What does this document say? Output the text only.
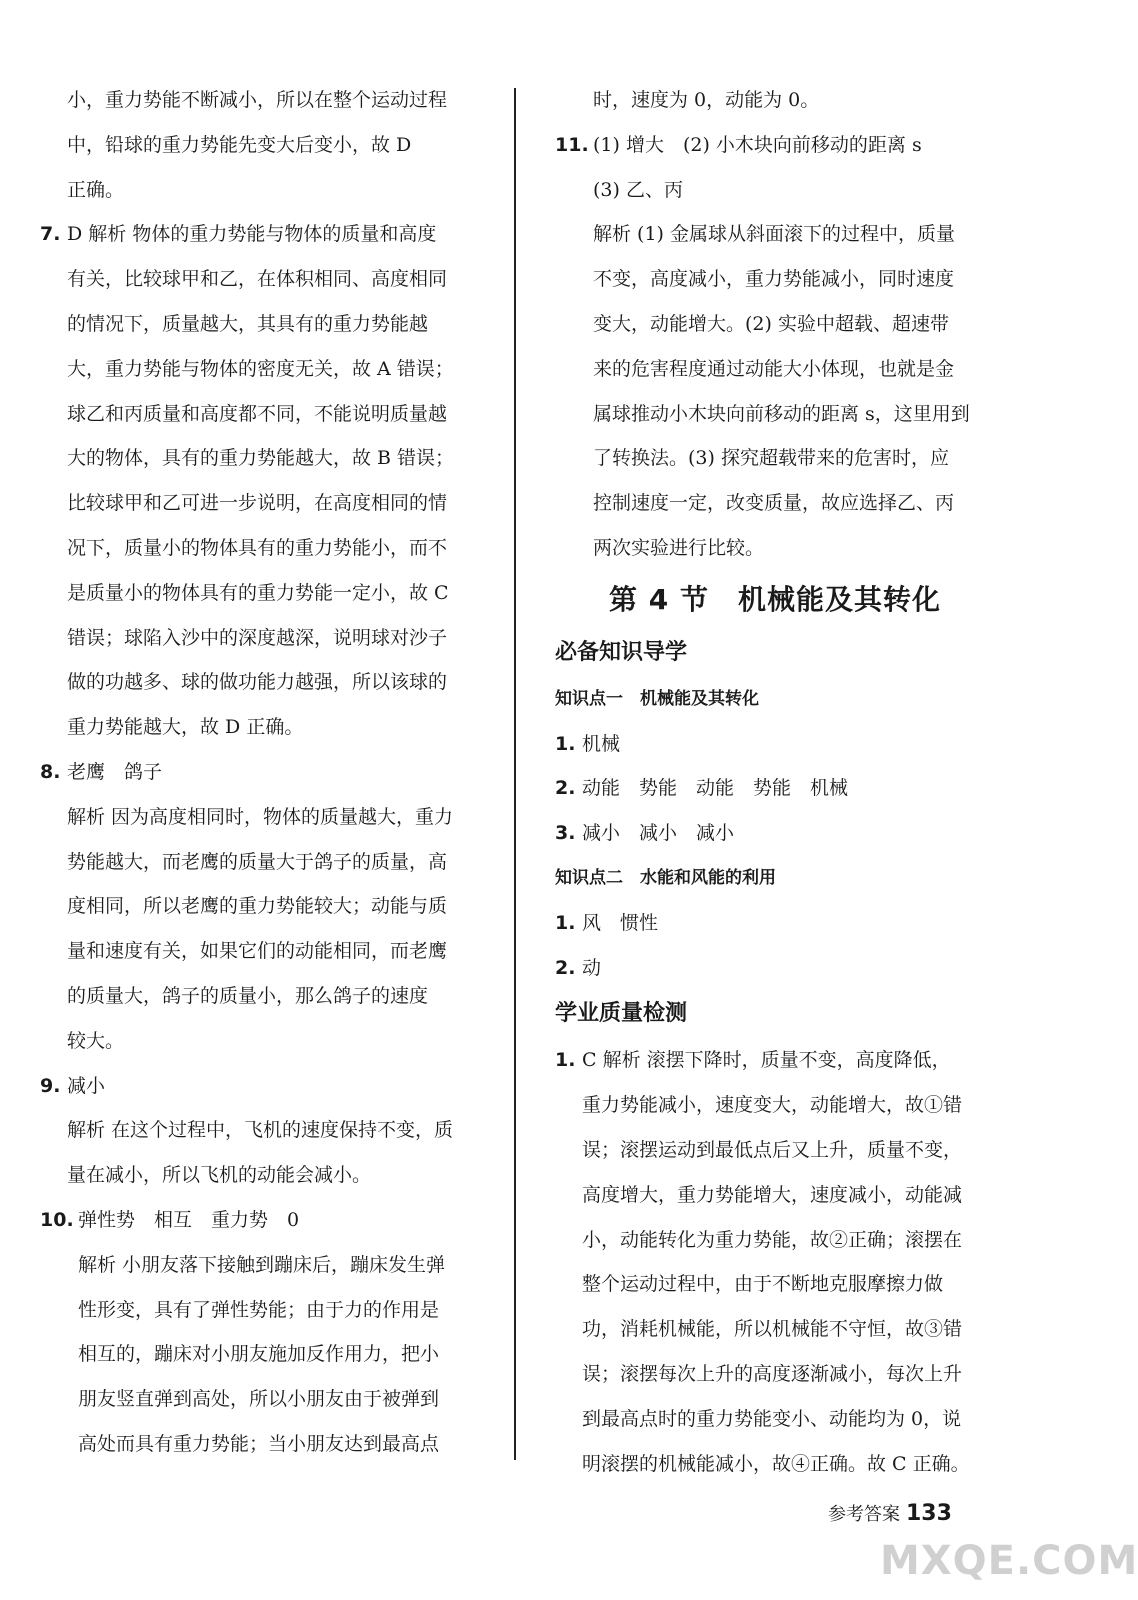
小，重力势能不断减小，所以在整个运动过程
中，铅球的重力势能先变大后变小，故 D
正确。
7. D 解析 物体的重力势能与物体的质量和高度
有关，比较球甲和乙，在体积相同、高度相同
的情况下，质量越大，其具有的重力势能越
大，重力势能与物体的密度无关，故 A 错误；
球乙和丙质量和高度都不同，不能说明质量越
大的物体，具有的重力势能越大，故 B 错误；
比较球甲和乙可进一步说明，在高度相同的情
况下，质量小的物体具有的重力势能小，而不
是质量小的物体具有的重力势能一定小，故 C
错误；球陷入沙中的深度越深，说明球对沙子
做的功越多、球的做功能力越强，所以该球的
重力势能越大，故 D 正确。
8. 老鹰　鸽子
解析 因为高度相同时，物体的质量越大，重力
势能越大，而老鹰的质量大于鸽子的质量，高
度相同，所以老鹰的重力势能较大；动能与质
量和速度有关，如果它们的动能相同，而老鹰
的质量大，鸽子的质量小，那么鸽子的速度
较大。
9. 减小
解析 在这个过程中，飞机的速度保持不变，质
量在减小，所以飞机的动能会减小。
10. 弹性势　相互　重力势　0
解析 小朋友落下接触到蹦床后，蹦床发生弹
性形变，具有了弹性势能；由于力的作用是
相互的，蹦床对小朋友施加反作用力，把小
朋友竖直弹到高处，所以小朋友由于被弹到
高处而具有重力势能；当小朋友达到最高点
时，速度为 0，动能为 0。
11. (1) 增大　(2) 小木块向前移动的距离 s
(3) 乙、丙
解析 (1) 金属球从斜面滚下的过程中，质量
不变，高度减小，重力势能减小，同时速度
变大，动能增大。(2) 实验中超载、超速带
来的危害程度通过动能大小体现，也就是金
属球推动小木块向前移动的距离 s，这里用到
了转换法。(3) 探究超载带来的危害时，应
控制速度一定，改变质量，故应选择乙、丙
两次实验进行比较。
第 4 节　机械能及其转化
必备知识导学
知识点一　机械能及其转化
1. 机械
2. 动能　势能　动能　势能　机械
3. 减小　减小　减小
知识点二　水能和风能的利用
1. 风　惯性
2. 动
学业质量检测
1. C 解析 滚摆下降时，质量不变，高度降低，
重力势能减小，速度变大，动能增大，故①错
误；滚摆运动到最低点后又上升，质量不变，
高度增大，重力势能增大，速度减小，动能减
小，动能转化为重力势能，故②正确；滚摆在
整个运动过程中，由于不断地克服摩擦力做
功，消耗机械能，所以机械能不守恒，故③错
误；滚摆每次上升的高度逐渐减小，每次上升
到最高点时的重力势能变小、动能均为 0，说
明滚摆的机械能减小，故④正确。故 C 正确。
参考答案 133
MXQE.COM
